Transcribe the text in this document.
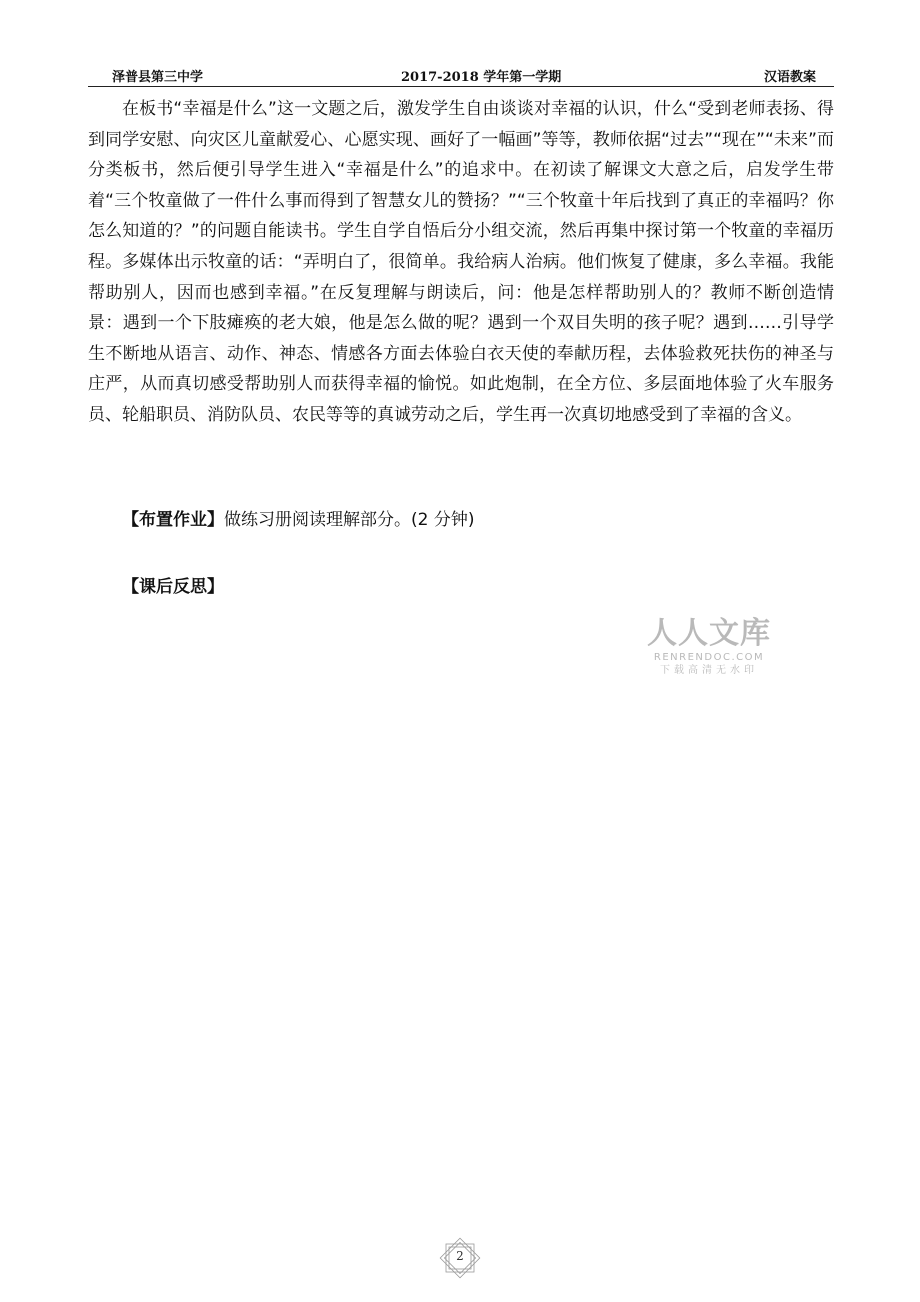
泽普县第三中学	2017-2018 学年第一学期	汉语教案

在板书“幸福是什么”这一文题之后，激发学生自由谈谈对幸福的认识，什么“受到老师表扬、得到同学安慰、向灾区儿童献爱心、心愿实现、画好了一幅画”等等，教师依据“过去”“现在”“未来”而分类板书，然后便引导学生进入“幸福是什么”的追求中。在初读了解课文大意之后，启发学生带着“三个牧童做了一件什么事而得到了智慧女儿的赞扬？”“三个牧童十年后找到了真正的幸福吗？你怎么知道的？”的问题自能读书。学生自学自悟后分小组交流，然后再集中探讨第一个牧童的幸福历程。多媒体出示牧童的话：“弄明白了，很简单。我给病人治病。他们恢复了健康，多么幸福。我能帮助别人，因而也感到幸福。”在反复理解与朗读后，问：他是怎样帮助别人的？教师不断创造情景：遇到一个下肢瘫痪的老大娘，他是怎么做的呢？遇到一个双目失明的孩子呢？遇到……引导学生不断地从语言、动作、神态、情感各方面去体验白衣天使的奉献历程，去体验救死扶伤的神圣与庄严，从而真切感受帮助别人而获得幸福的愉悦。如此炮制，在全方位、多层面地体验了火车服务员、轮船职员、消防队员、农民等等的真诚劳动之后，学生再一次真切地感受到了幸福的含义。

【布置作业】做练习册阅读理解部分。(2 分钟)
【课后反思】
人人文库
RENRENDOC.COM
下载高清无水印
2
